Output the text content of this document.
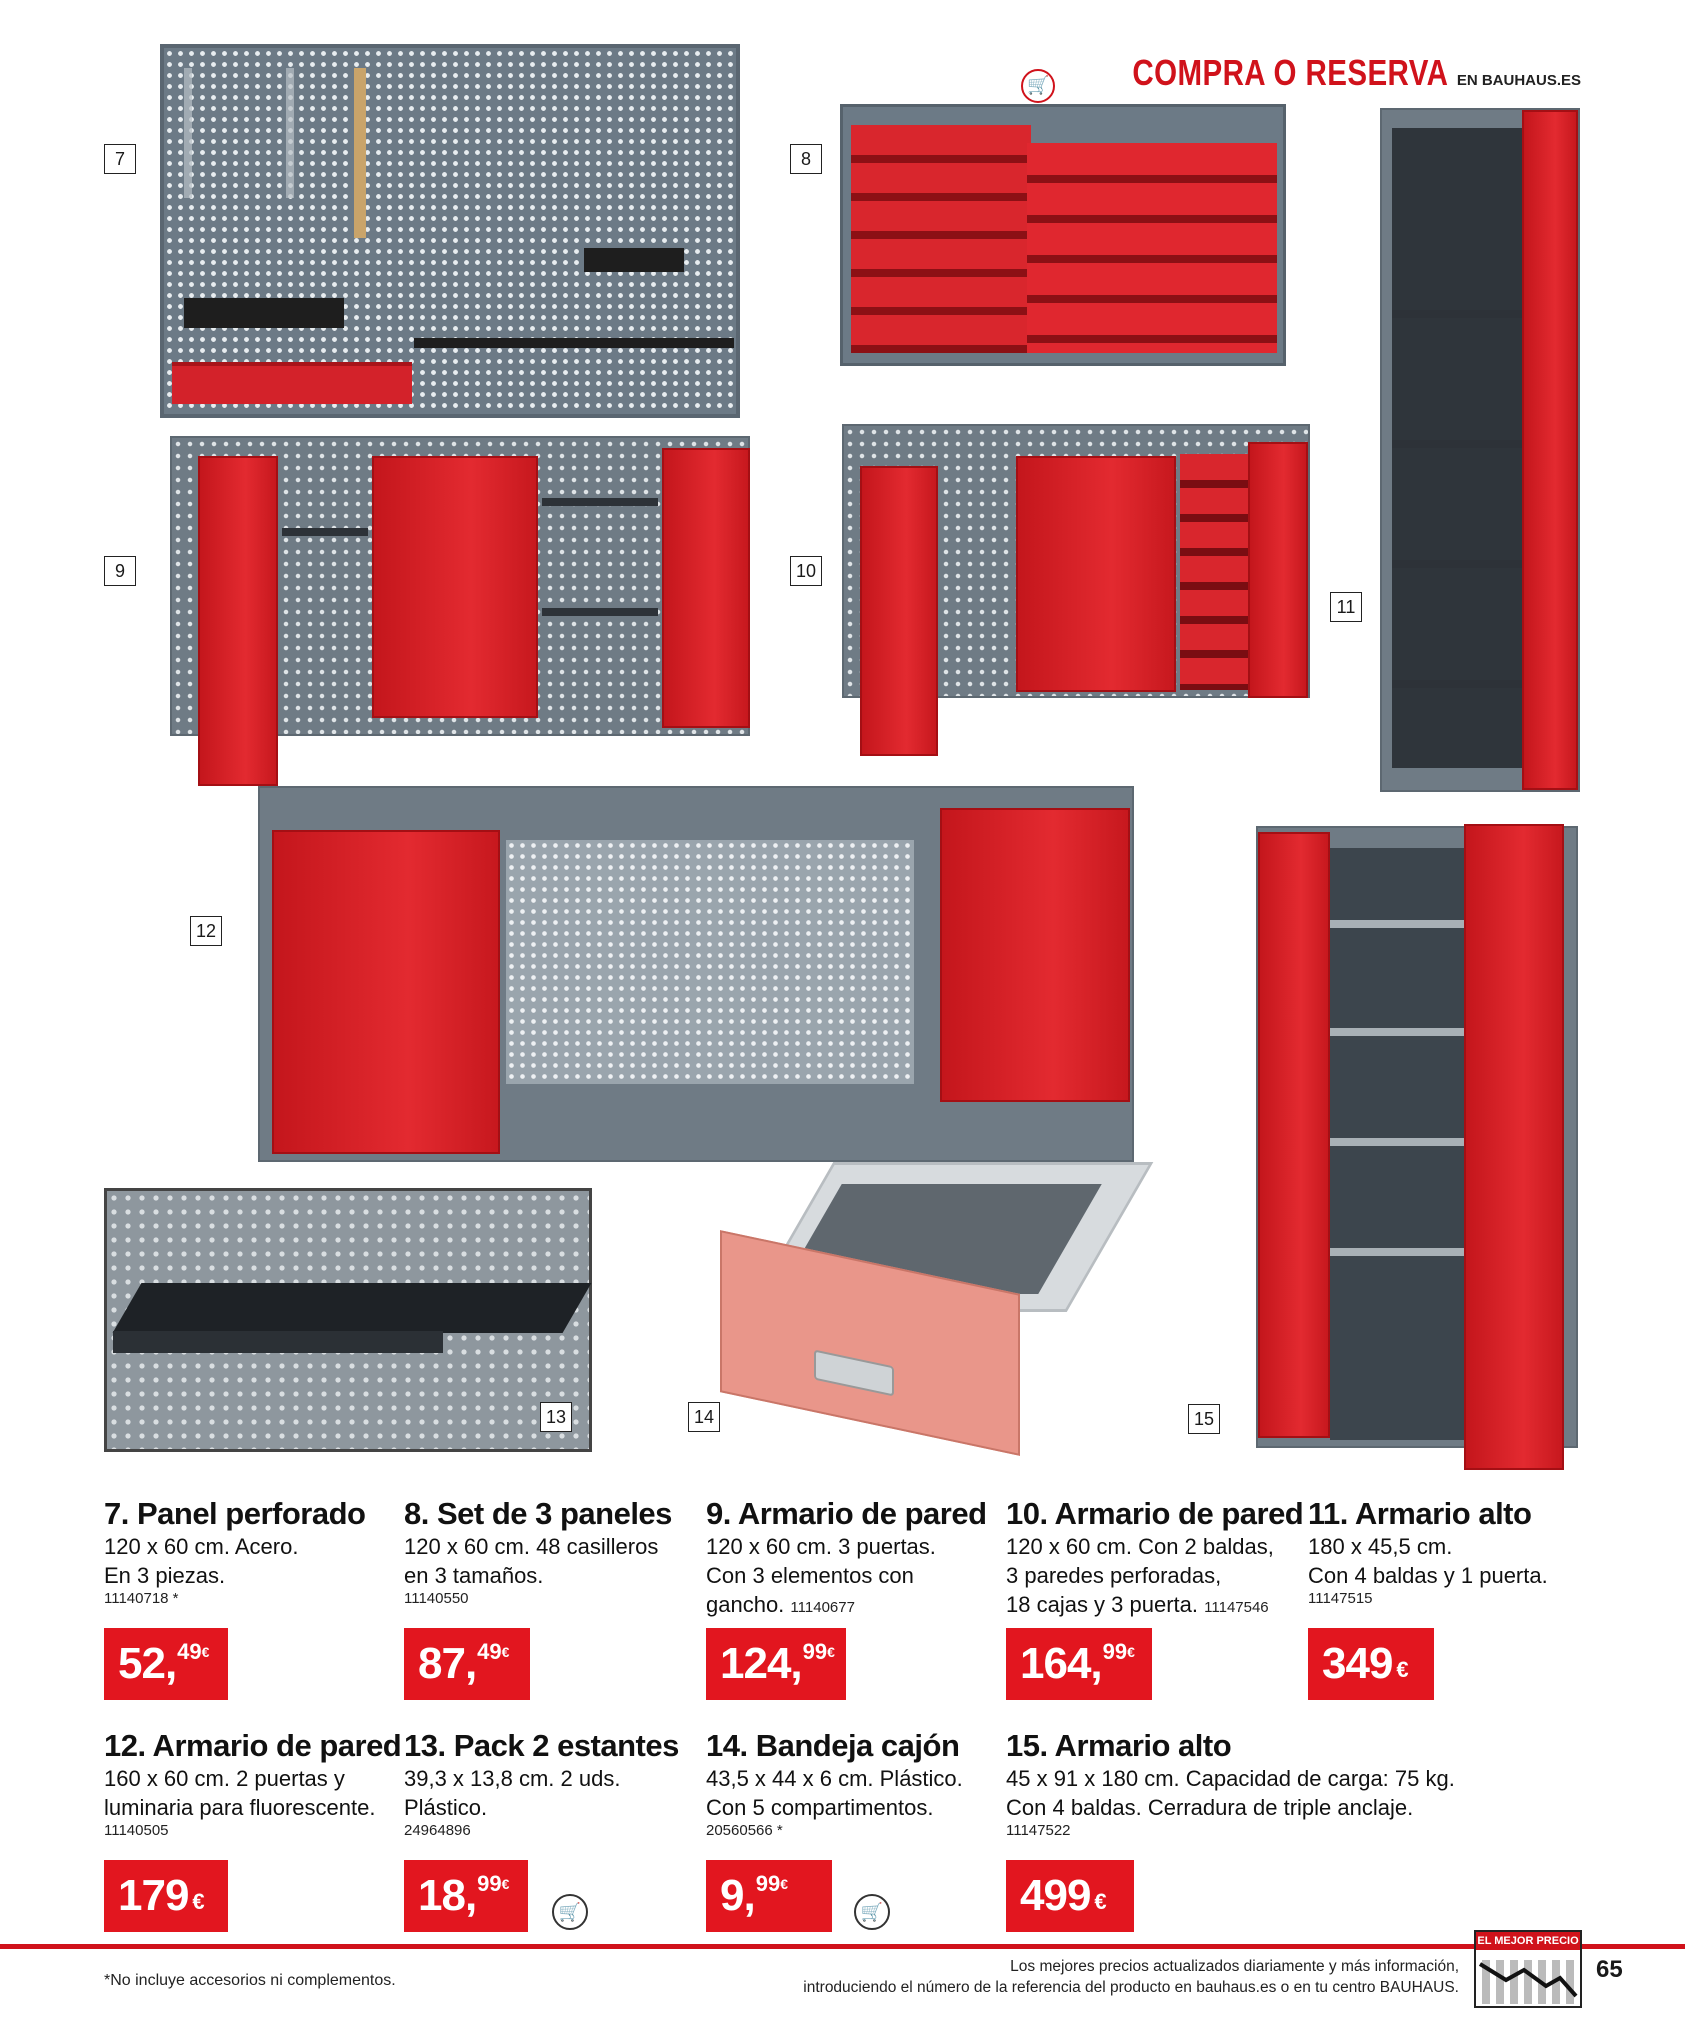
🛒 COMPRA O RESERVA EN BAUHAUS.ES
7	8
11
9	10
12
15
13	14
7. Panel perforado
120 x 60 cm. Acero.
En 3 piezas.
11140718 *
52, 49 €
8. Set de 3 paneles
120 x 60 cm. 48 casilleros
en 3 tamaños.
11140550
87, 49 €
9. Armario de pared
120 x 60 cm. 3 puertas.
Con 3 elementos con
gancho. 11140677
124, 99 €
10. Armario de pared
120 x 60 cm. Con 2 baldas,
3 paredes perforadas,
18 cajas y 3 puerta. 11147546
164, 99 €
11. Armario alto
180 x 45,5 cm.
Con 4 baldas y 1 puerta.
11147515
349 €
12. Armario de pared
160 x 60 cm. 2 puertas y
luminaria para fluorescente.
11140505
179 €
13. Pack 2 estantes
39,3 x 13,8 cm. 2 uds.
Plástico.
24964896
18, 99 €
🛒
14. Bandeja cajón
43,5 x 44 x 6 cm. Plástico.
Con 5 compartimentos.
20560566 *
9, 99 €
🛒
15. Armario alto
45 x 91 x 180 cm. Capacidad de carga: 75 kg.
Con 4 baldas. Cerradura de triple anclaje.
11147522
499 €
*No incluye accesorios ni complementos.
Los mejores precios actualizados diariamente y más información,
introduciendo el número de la referencia del producto en bauhaus.es o en tu centro BAUHAUS.
EL MEJOR PRECIO
65
